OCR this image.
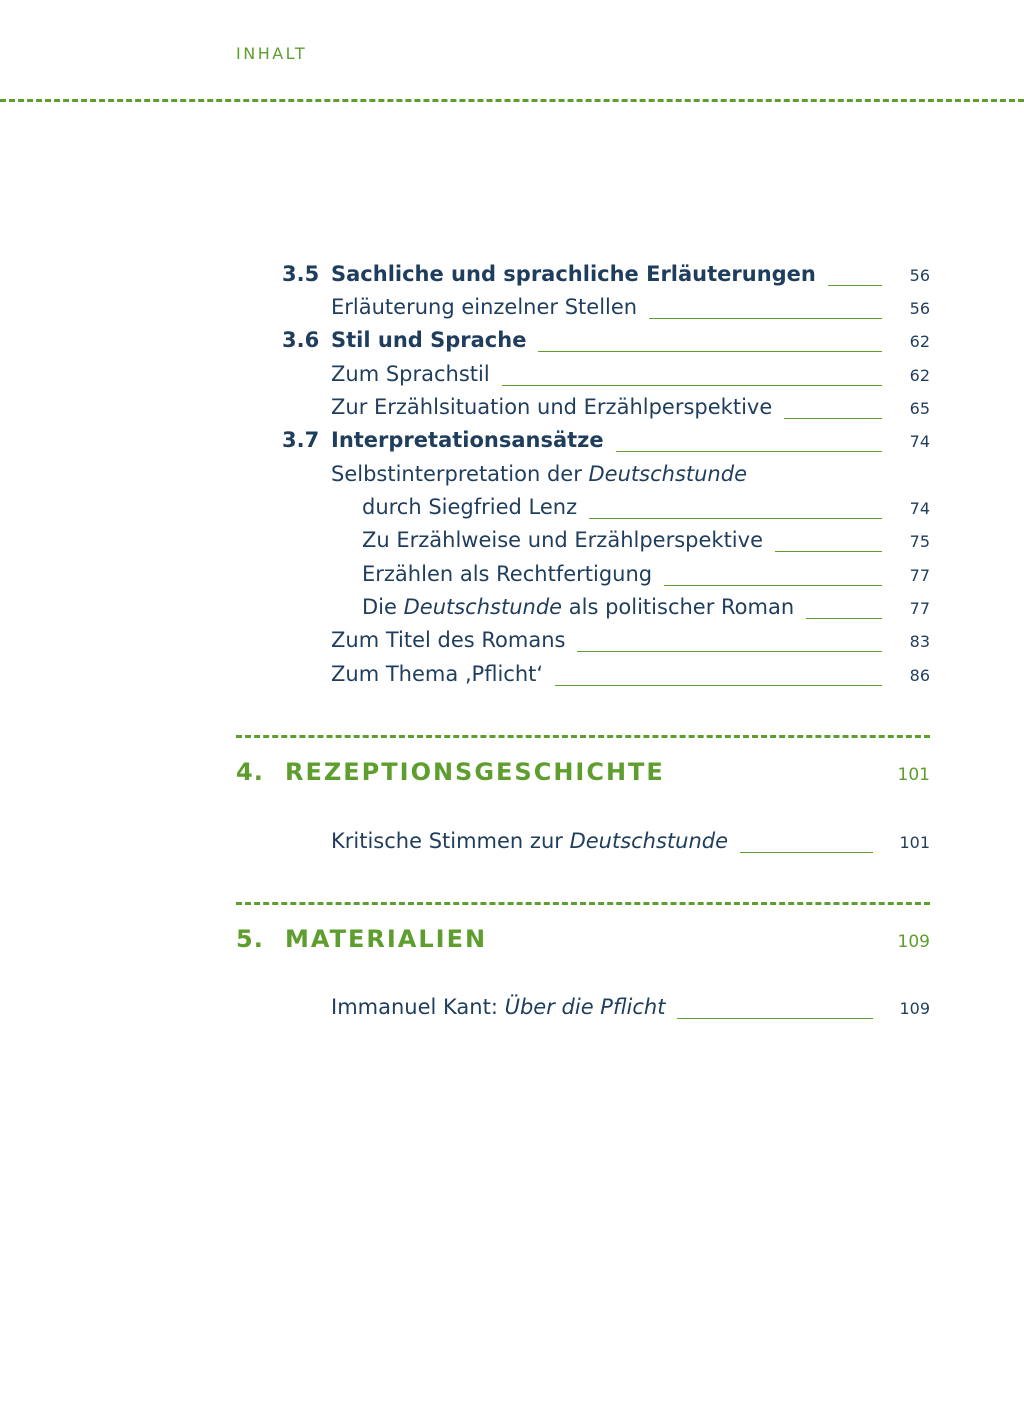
INHALT
3.5 Sachliche und sprachliche Erläuterungen	56
Erläuterung einzelner Stellen	56
3.6 Stil und Sprache	62
Zum Sprachstil	62
Zur Erzählsituation und Erzählperspektive	65
3.7 Interpretationsansätze	74
Selbstinterpretation der Deutschstunde
durch Siegfried Lenz	74
Zu Erzählweise und Erzählperspektive	75
Erzählen als Rechtfertigung	77
Die Deutschstunde als politischer Roman	77
Zum Titel des Romans	83
Zum Thema ‚Pflicht‘	86
4. REZEPTIONSGESCHICHTE	101
Kritische Stimmen zur Deutschstunde	101
5. MATERIALIEN	109
Immanuel Kant: Über die Pflicht	109
